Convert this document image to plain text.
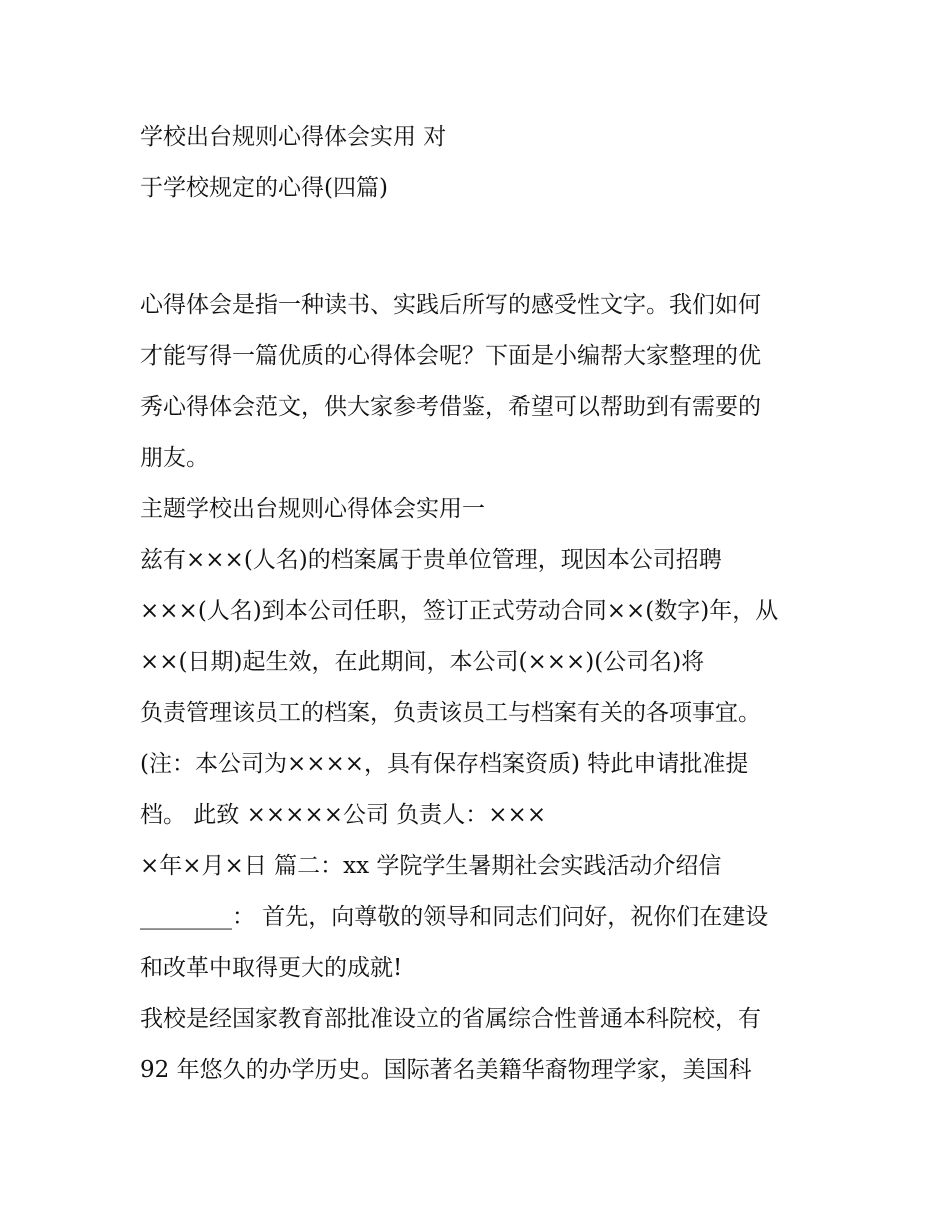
学校出台规则心得体会实用 对
于学校规定的心得(四篇)
心得体会是指一种读书、实践后所写的感受性文字。我们如何
才能写得一篇优质的心得体会呢？下面是小编帮大家整理的优
秀心得体会范文，供大家参考借鉴，希望可以帮助到有需要的
朋友。
主题学校出台规则心得体会实用一
兹有×××(人名)的档案属于贵单位管理，现因本公司招聘
×××(人名)到本公司任职，签订正式劳动合同××(数字)年，从
××(日期)起生效，在此期间，本公司(×××)(公司名)将
负责管理该员工的档案，负责该员工与档案有关的各项事宜。
(注：本公司为××××，具有保存档案资质) 特此申请批准提
档。 此致 ×××××公司 负责人：×××
×年×月×日 篇二：xx 学院学生暑期社会实践活动介绍信
________： 首先，向尊敬的领导和同志们问好，祝你们在建设
和改革中取得更大的成就!
我校是经国家教育部批准设立的省属综合性普通本科院校，有
92 年悠久的办学历史。国际著名美籍华裔物理学家，美国科
